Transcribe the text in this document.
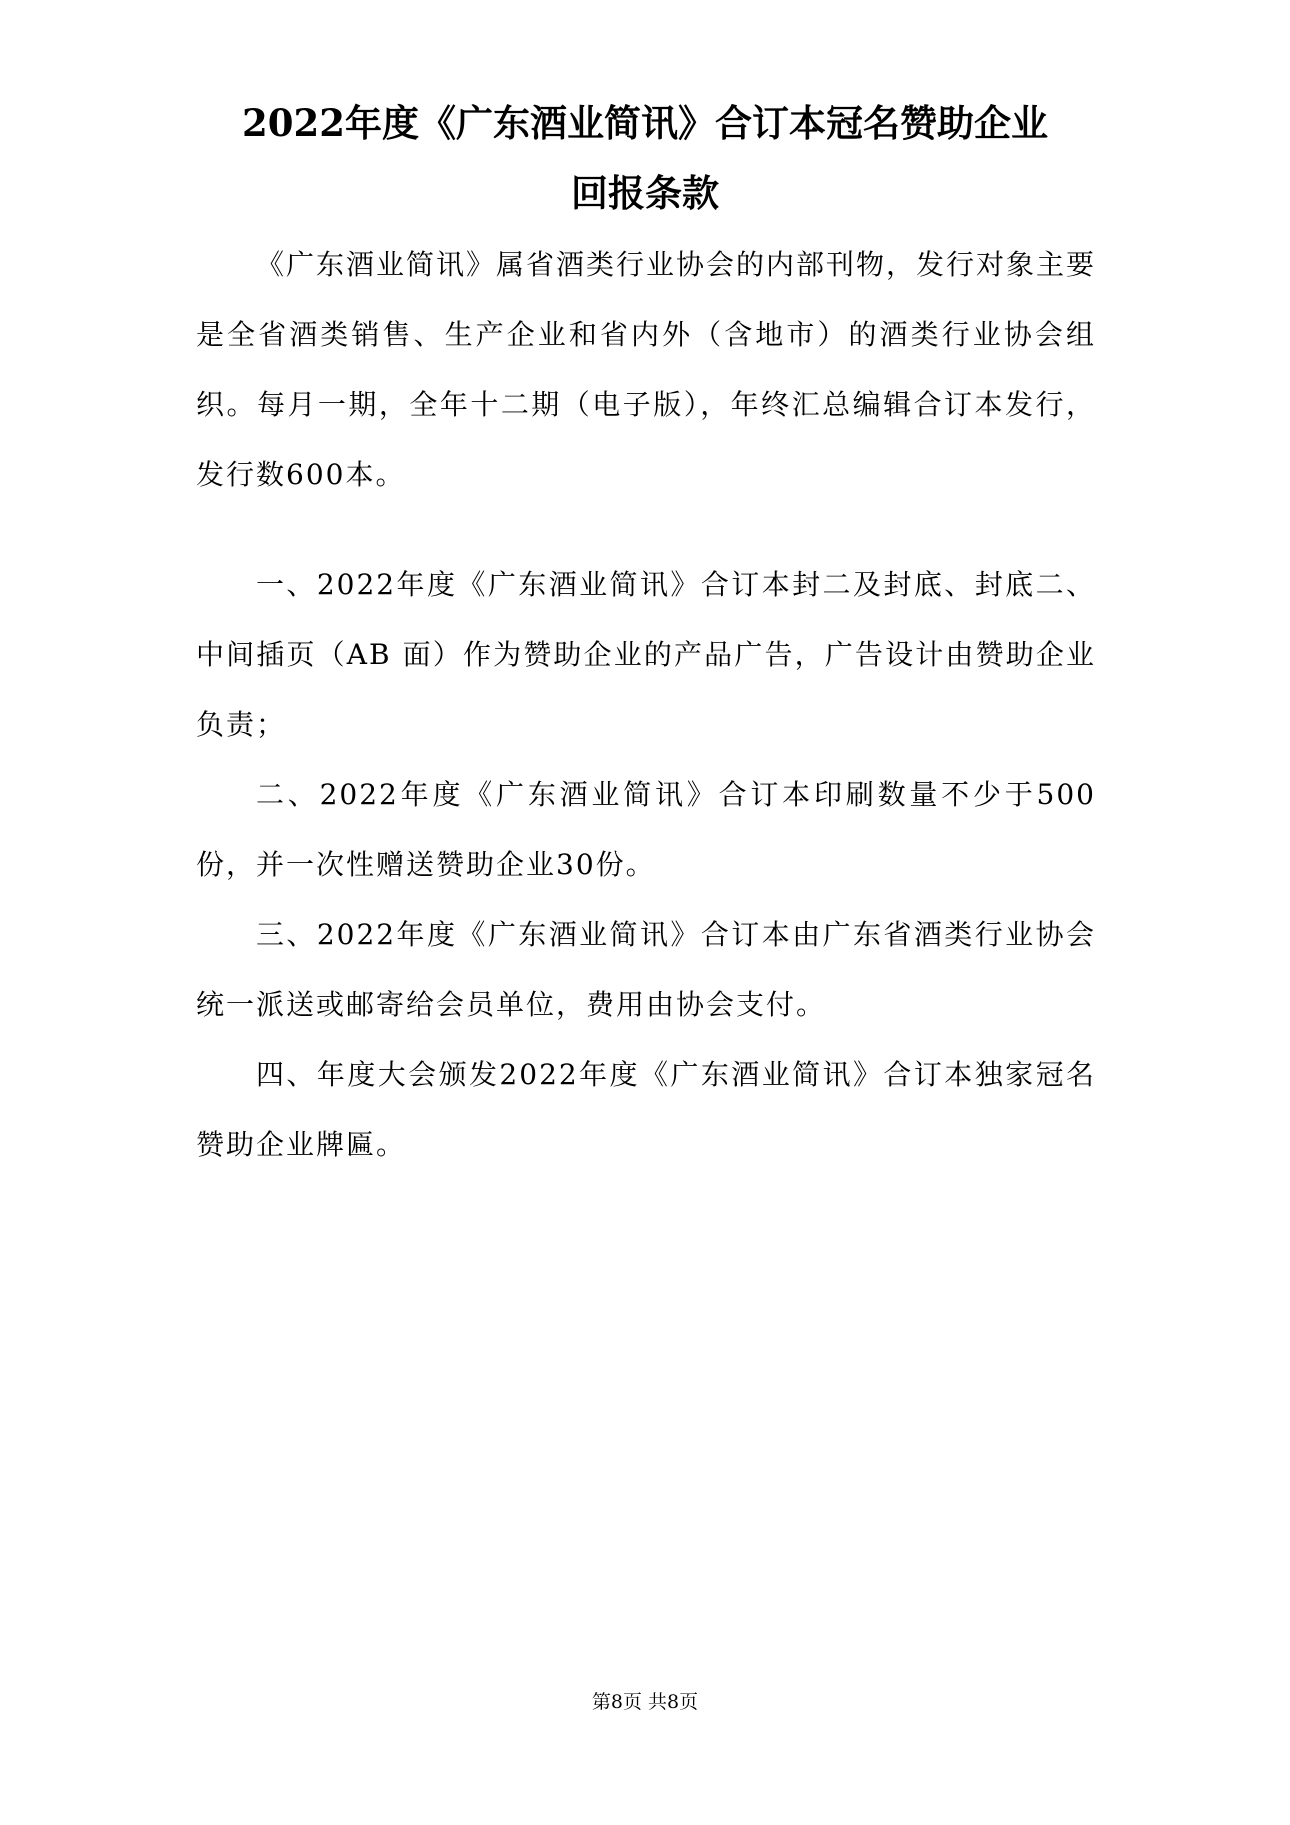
2022年度《广东酒业简讯》合订本冠名赞助企业
回报条款

《广东酒业简讯》属省酒类行业协会的内部刊物，发行对象主要是全省酒类销售、生产企业和省内外（含地市）的酒类行业协会组织。每月一期，全年十二期（电子版），年终汇总编辑合订本发行，发行数600本。

一、2022年度《广东酒业简讯》合订本封二及封底、封底二、中间插页（AB 面）作为赞助企业的产品广告，广告设计由赞助企业负责；

二、2022年度《广东酒业简讯》合订本印刷数量不少于500份，并一次性赠送赞助企业30份。

三、2022年度《广东酒业简讯》合订本由广东省酒类行业协会统一派送或邮寄给会员单位，费用由协会支付。

四、年度大会颁发2022年度《广东酒业简讯》合订本独家冠名赞助企业牌匾。

第8页 共8页
